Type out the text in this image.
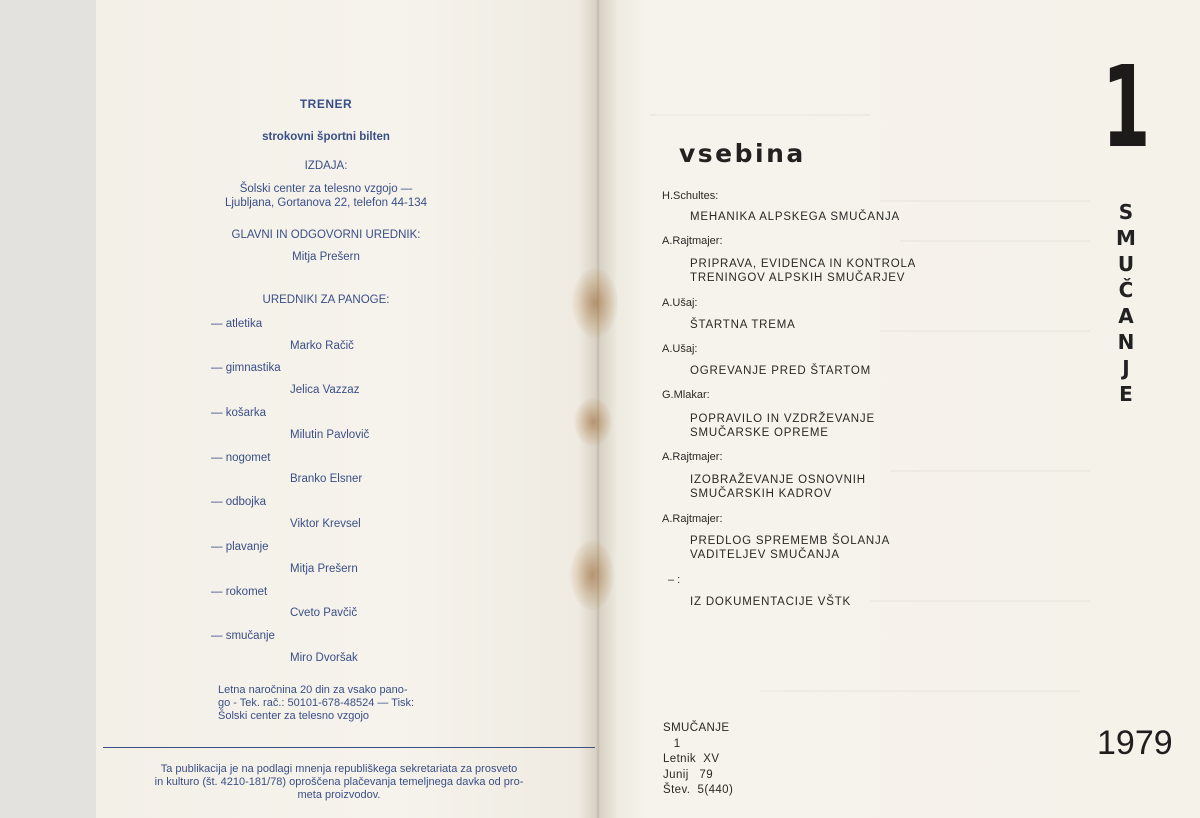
TRENER
strokovni športni bilten
IZDAJA:
Šolski center za telesno vzgojo —
Ljubljana, Gortanova 22, telefon 44-134
GLAVNI IN ODGOVORNI UREDNIK:
Mitja Prešern
UREDNIKI ZA PANOGE:
— atletika
Marko Račič
— gimnastika
Jelica Vazzaz
— košarka
Milutin Pavlovič
— nogomet
Branko Elsner
— odbojka
Viktor Krevsel
— plavanje
Mitja Prešern
— rokomet
Cveto Pavčič
— smučanje
Miro Dvoršak
Letna naročnina 20 din za vsako pano-
go - Tek. rač.: 50101-678-48524 — Tisk:
Šolski center za telesno vzgojo
Ta publikacija je na podlagi mnenja republiškega sekretariata za prosveto
in kulturo (št. 4210-181/78) oproščena plačevanja temeljnega davka od pro-
meta proizvodov.
vsebina
H.Schultes:
MEHANIKA ALPSKEGA SMUČANJA
A.Rajtmajer:
PRIPRAVA, EVIDENCA IN KONTROLA
TRENINGOV ALPSKIH SMUČARJEV
A.Ušaj:
ŠTARTNA TREMA
A.Ušaj:
OGREVANJE PRED ŠTARTOM
G.Mlakar:
POPRAVILO IN VZDRŽEVANJE
SMUČARSKE OPREME
A.Rajtmajer:
IZOBRAŽEVANJE OSNOVNIH
SMUČARSKIH KADROV
A.Rajtmajer:
PREDLOG SPREMEMB ŠOLANJA
VADITELJEV SMUČANJA
– :
IZ DOKUMENTACIJE VŠTK
1
S
M
U
Č
A
N
J
E
SMUČANJE
1
Letnik  XV
Junij   79
Štev.  5(440)
1979
